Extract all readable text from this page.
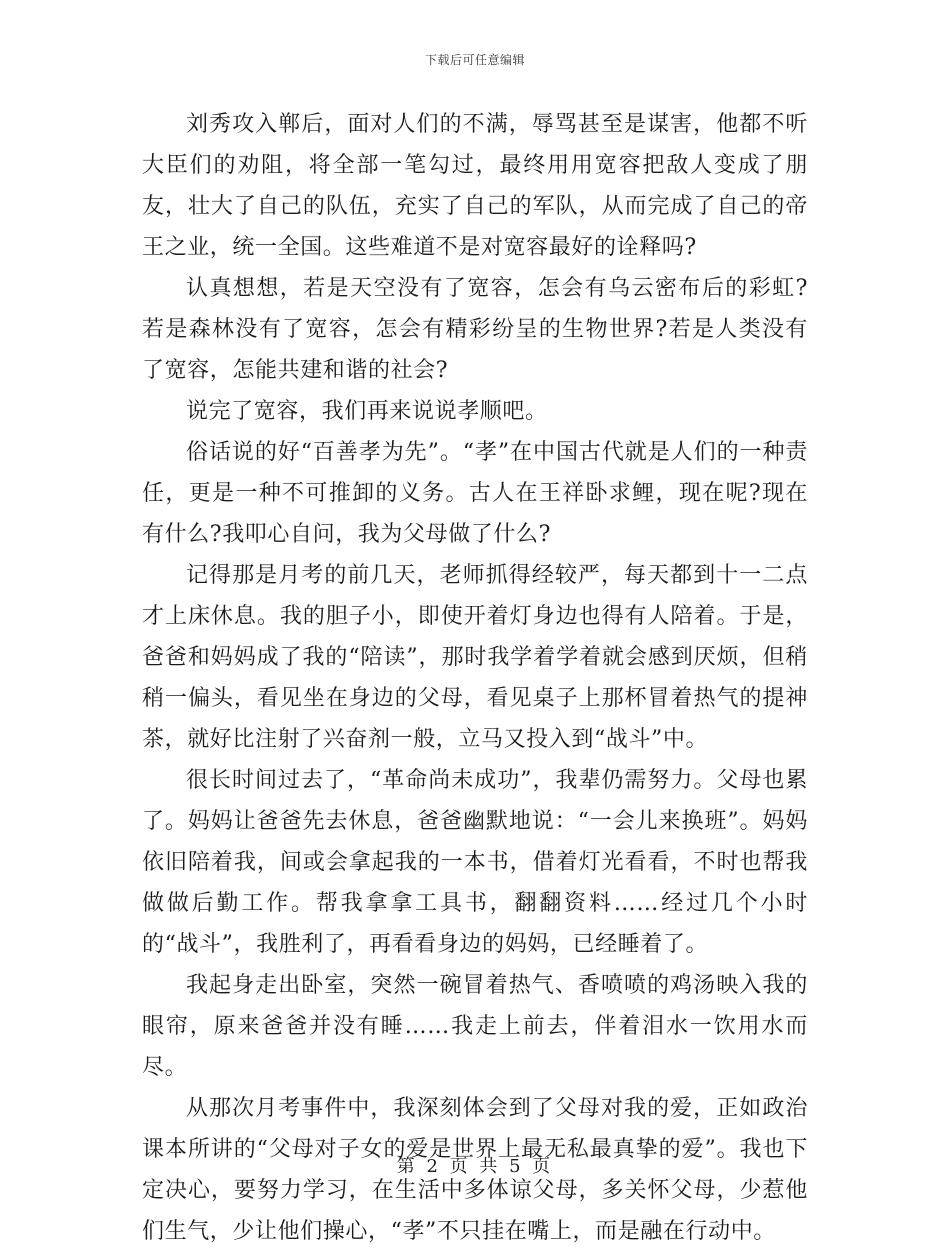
下载后可任意编辑

刘秀攻入郸后，面对人们的不满，辱骂甚至是谋害，他都不听大臣们的劝阻，将全部一笔勾过，最终用用宽容把敌人变成了朋友，壮大了自己的队伍，充实了自己的军队，从而完成了自己的帝王之业，统一全国。这些难道不是对宽容最好的诠释吗?

认真想想，若是天空没有了宽容，怎会有乌云密布后的彩虹?若是森林没有了宽容，怎会有精彩纷呈的生物世界?若是人类没有了宽容，怎能共建和谐的社会?

说完了宽容，我们再来说说孝顺吧。

俗话说的好“百善孝为先”。“孝”在中国古代就是人们的一种责任，更是一种不可推卸的义务。古人在王祥卧求鲤，现在呢?现在有什么?我叩心自问，我为父母做了什么?

记得那是月考的前几天，老师抓得经较严，每天都到十一二点才上床休息。我的胆子小，即使开着灯身边也得有人陪着。于是，爸爸和妈妈成了我的“陪读”，那时我学着学着就会感到厌烦，但稍稍一偏头，看见坐在身边的父母，看见桌子上那杯冒着热气的提神茶，就好比注射了兴奋剂一般，立马又投入到“战斗”中。

很长时间过去了，“革命尚未成功”，我辈仍需努力。父母也累了。妈妈让爸爸先去休息，爸爸幽默地说：“一会儿来换班”。妈妈依旧陪着我，间或会拿起我的一本书，借着灯光看看，不时也帮我做做后勤工作。帮我拿拿工具书，翻翻资料……经过几个小时的“战斗”，我胜利了，再看看身边的妈妈，已经睡着了。

我起身走出卧室，突然一碗冒着热气、香喷喷的鸡汤映入我的眼帘，原来爸爸并没有睡……我走上前去，伴着泪水一饮用水而尽。

从那次月考事件中，我深刻体会到了父母对我的爱，正如政治课本所讲的“父母对子女的爱是世界上最无私最真挚的爱”。我也下定决心，要努力学习，在生活中多体谅父母，多关怀父母，少惹他们生气，少让他们操心，“孝”不只挂在嘴上，而是融在行动中。

第 2 页 共 5 页
